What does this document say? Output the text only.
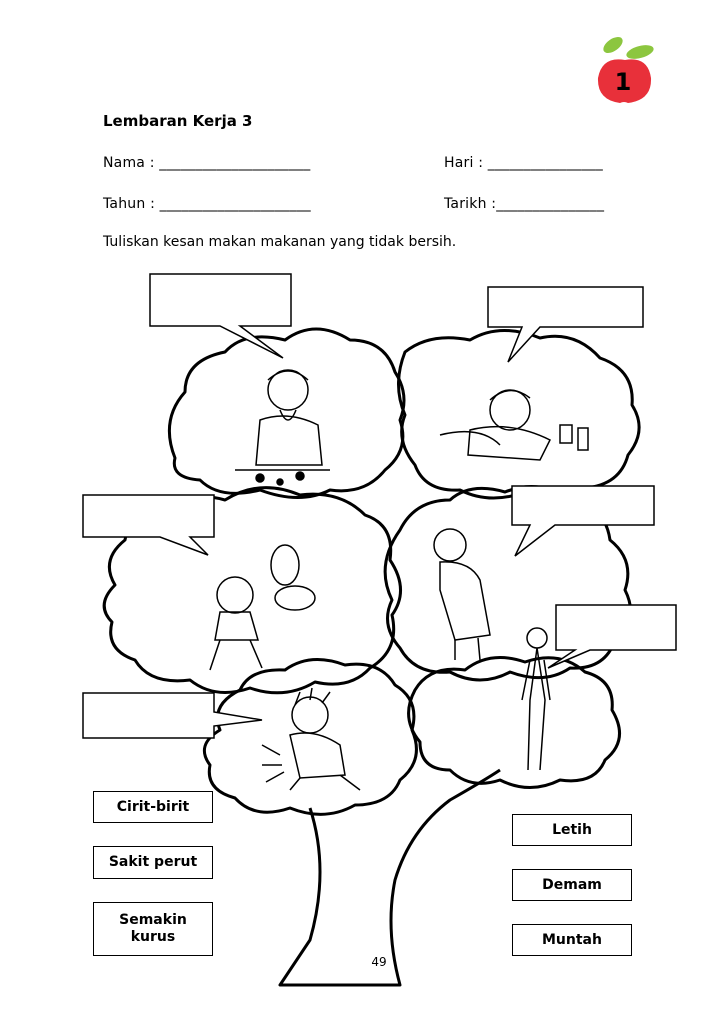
1
Lembaran Kerja 3
Nama : _____________________	Hari : ________________
Tahun : _____________________	Tarikh :_______________
Tuliskan kesan makan makanan yang tidak bersih.
Cirit-birit
Sakit perut
Semakin kurus
Letih
Demam
Muntah
49
